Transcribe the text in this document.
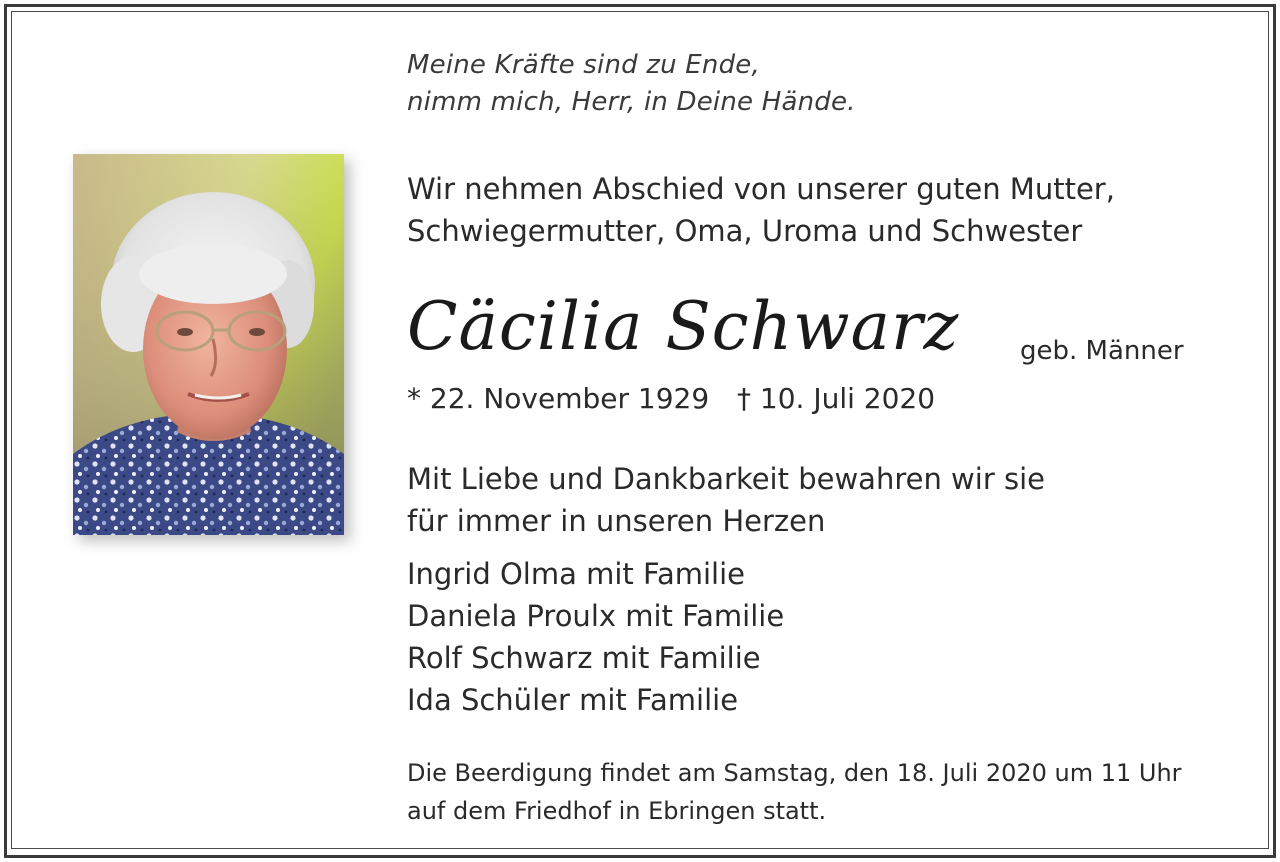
Meine Kräfte sind zu Ende,
nimm mich, Herr, in Deine Hände.
Wir nehmen Abschied von unserer guten Mutter,
Schwiegermutter, Oma, Uroma und Schwester
Cäcilia Schwarz geb. Männer
* 22. November 1929 † 10. Juli 2020
Mit Liebe und Dankbarkeit bewahren wir sie
für immer in unseren Herzen
Ingrid Olma mit Familie
Daniela Proulx mit Familie
Rolf Schwarz mit Familie
Ida Schüler mit Familie
Die Beerdigung findet am Samstag, den 18. Juli 2020 um 11 Uhr
auf dem Friedhof in Ebringen statt.
